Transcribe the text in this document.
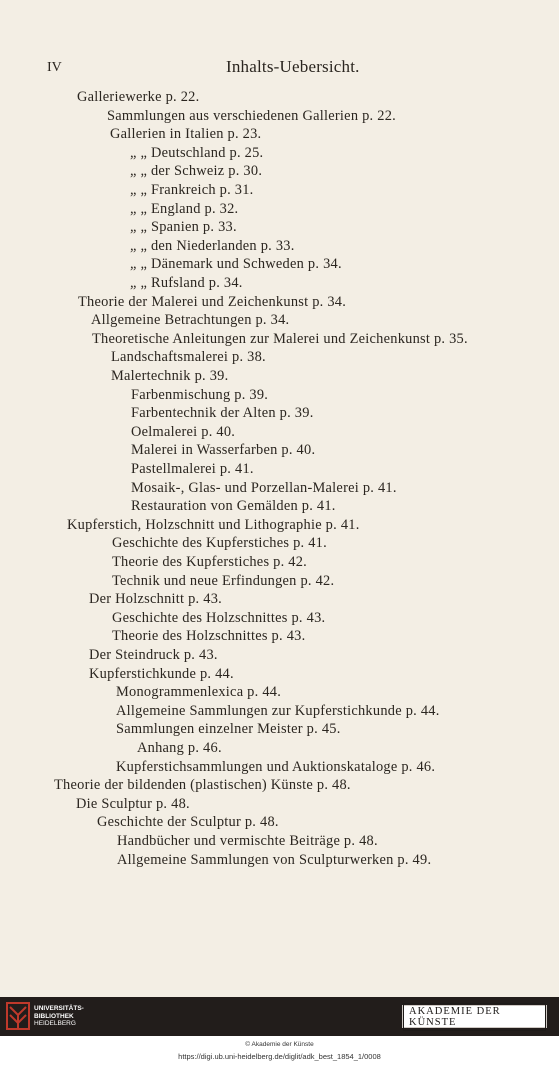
IV	Inhalts-Uebersicht.
Galleriewerke p. 22.
Sammlungen aus verschiedenen Gallerien p. 22.
Gallerien in Italien p. 23.
„ „ Deutschland p. 25.
„ „ der Schweiz p. 30.
„ „ Frankreich p. 31.
„ „ England p. 32.
„ „ Spanien p. 33.
„ „ den Niederlanden p. 33.
„ „ Dänemark und Schweden p. 34.
„ „ Rufsland p. 34.
Theorie der Malerei und Zeichenkunst p. 34.
Allgemeine Betrachtungen p. 34.
Theoretische Anleitungen zur Malerei und Zeichenkunst p. 35.
Landschaftsmalerei p. 38.
Malertechnik p. 39.
Farbenmischung p. 39.
Farbentechnik der Alten p. 39.
Oelmalerei p. 40.
Malerei in Wasserfarben p. 40.
Pastellmalerei p. 41.
Mosaik-, Glas- und Porzellan-Malerei p. 41.
Restauration von Gemälden p. 41.
Kupferstich, Holzschnitt und Lithographie p. 41.
Geschichte des Kupferstiches p. 41.
Theorie des Kupferstiches p. 42.
Technik und neue Erfindungen p. 42.
Der Holzschnitt p. 43.
Geschichte des Holzschnittes p. 43.
Theorie des Holzschnittes p. 43.
Der Steindruck p. 43.
Kupferstichkunde p. 44.
Monogrammenlexica p. 44.
Allgemeine Sammlungen zur Kupferstichkunde p. 44.
Sammlungen einzelner Meister p. 45.
Anhang p. 46.
Kupferstichsammlungen und Auktionskataloge p. 46.
Theorie der bildenden (plastischen) Künste p. 48.
Die Sculptur p. 48.
Geschichte der Sculptur p. 48.
Handbücher und vermischte Beiträge p. 48.
Allgemeine Sammlungen von Sculpturwerken p. 49.
UNIVERSITÄTS-
BIBLIOTHEK
HEIDELBERG
AKADEMIE DER KÜNSTE
© Akademie der Künste
https://digi.ub.uni-heidelberg.de/diglit/adk_best_1854_1/0008
